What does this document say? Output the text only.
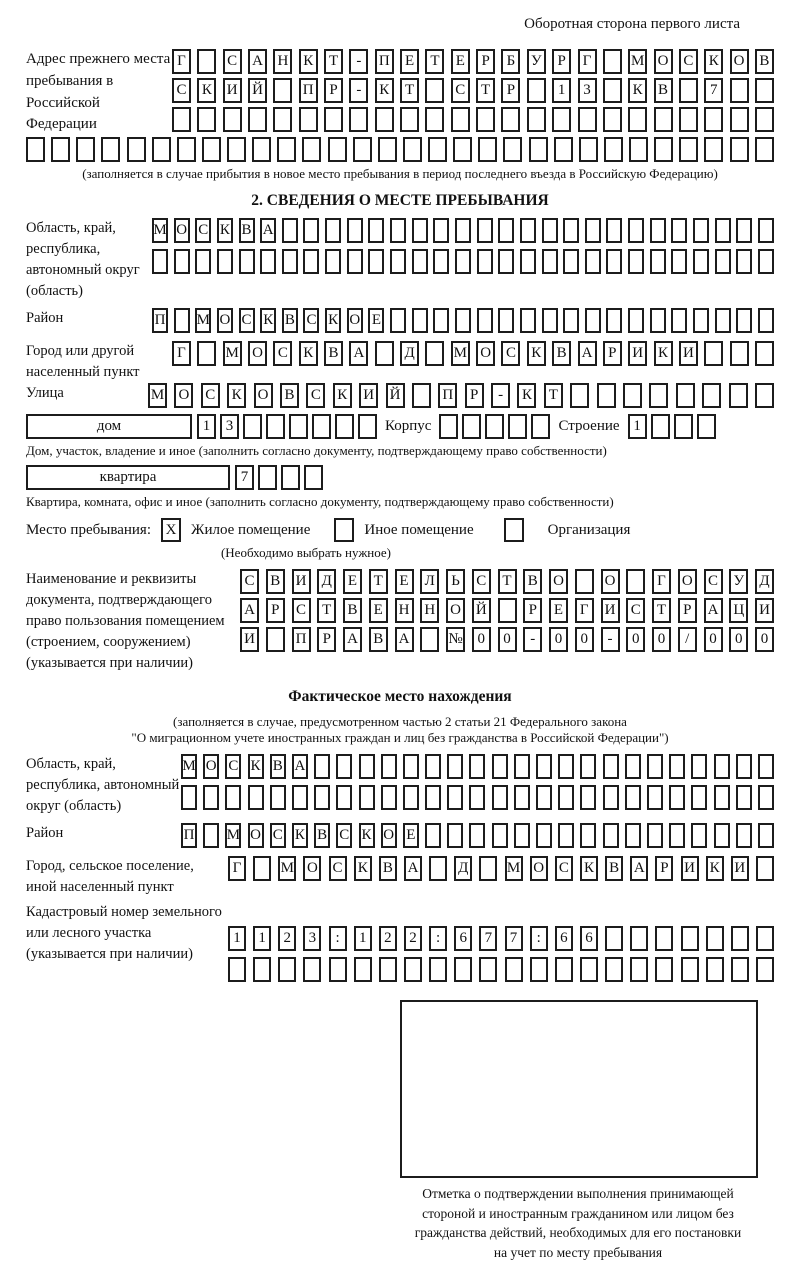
Оборотная сторона первого листа
Адрес прежнего места пребывания в Российской Федерации
Г	С А Н К	Т	-	П	Е	Т	Е	Р	Б	У	Р	Г	М О С	К О В
С	К И Й	П	Р	-	К	Т	С	Т	Р	1	3	К	В	7
(заполняется в случае прибытия в новое место пребывания в период последнего въезда в Российскую Федерацию)
2. СВЕДЕНИЯ О МЕСТЕ ПРЕБЫВАНИЯ
Область, край, республика, автономный округ (область)
М О С К В А
Район	П М О С К В С К О Е
Город или другой населенный пункт
Г	М О С	К	В А	Д	М О С	К	В А	Р	И К И
Улица	М О С	К	О В	С	К	И Й	П	Р	-	К	Т
дом	1	3	Корпус	Строение 1
Дом, участок, владение и иное (заполнить согласно документу, подтверждающему право собственности)
квартира	7
Квартира, комната, офис и иное (заполнить согласно документу, подтверждающему право собственности)
Место пребывания: X Жилое помещение	Иное помещение	Организация
(Необходимо выбрать нужное)
Наименование и реквизиты документа, подтверждающего право пользования помещением (строением, сооружением) (указывается при наличии)
С	В	И Д	Е	Т	Е	Л	Ь	С	Т	В	О	О	Г	О С	У Д
А	Р	С	Т	В	Е	Н Н О Й	Р	Е	Г	И С	Т	Р	А Ц И
И	П	Р	А В	А	№ 0	0	-	0	0	-	0	0	/	0	0	0
Фактическое место нахождения
(заполняется в случае, предусмотренном частью 2 статьи 21 Федерального закона
"О миграционном учете иностранных граждан и лиц без гражданства в Российской Федерации")
Область, край, республика, автономный округ (область)
М О С К В А
Район	П М О С К В С К О Е
Город, сельское поселение, иной населенный пункт
Г	М О С К В А	Д	М О С К В А	Р	И К И
Кадастровый номер земельного или лесного участка (указывается при наличии)
1	1	2	3	:	1	2	2	:	6	7	7	:	6	6
Отметка о подтверждении выполнения принимающей
стороной и иностранным гражданином или лицом без
гражданства действий, необходимых для его постановки
на учет по месту пребывания
